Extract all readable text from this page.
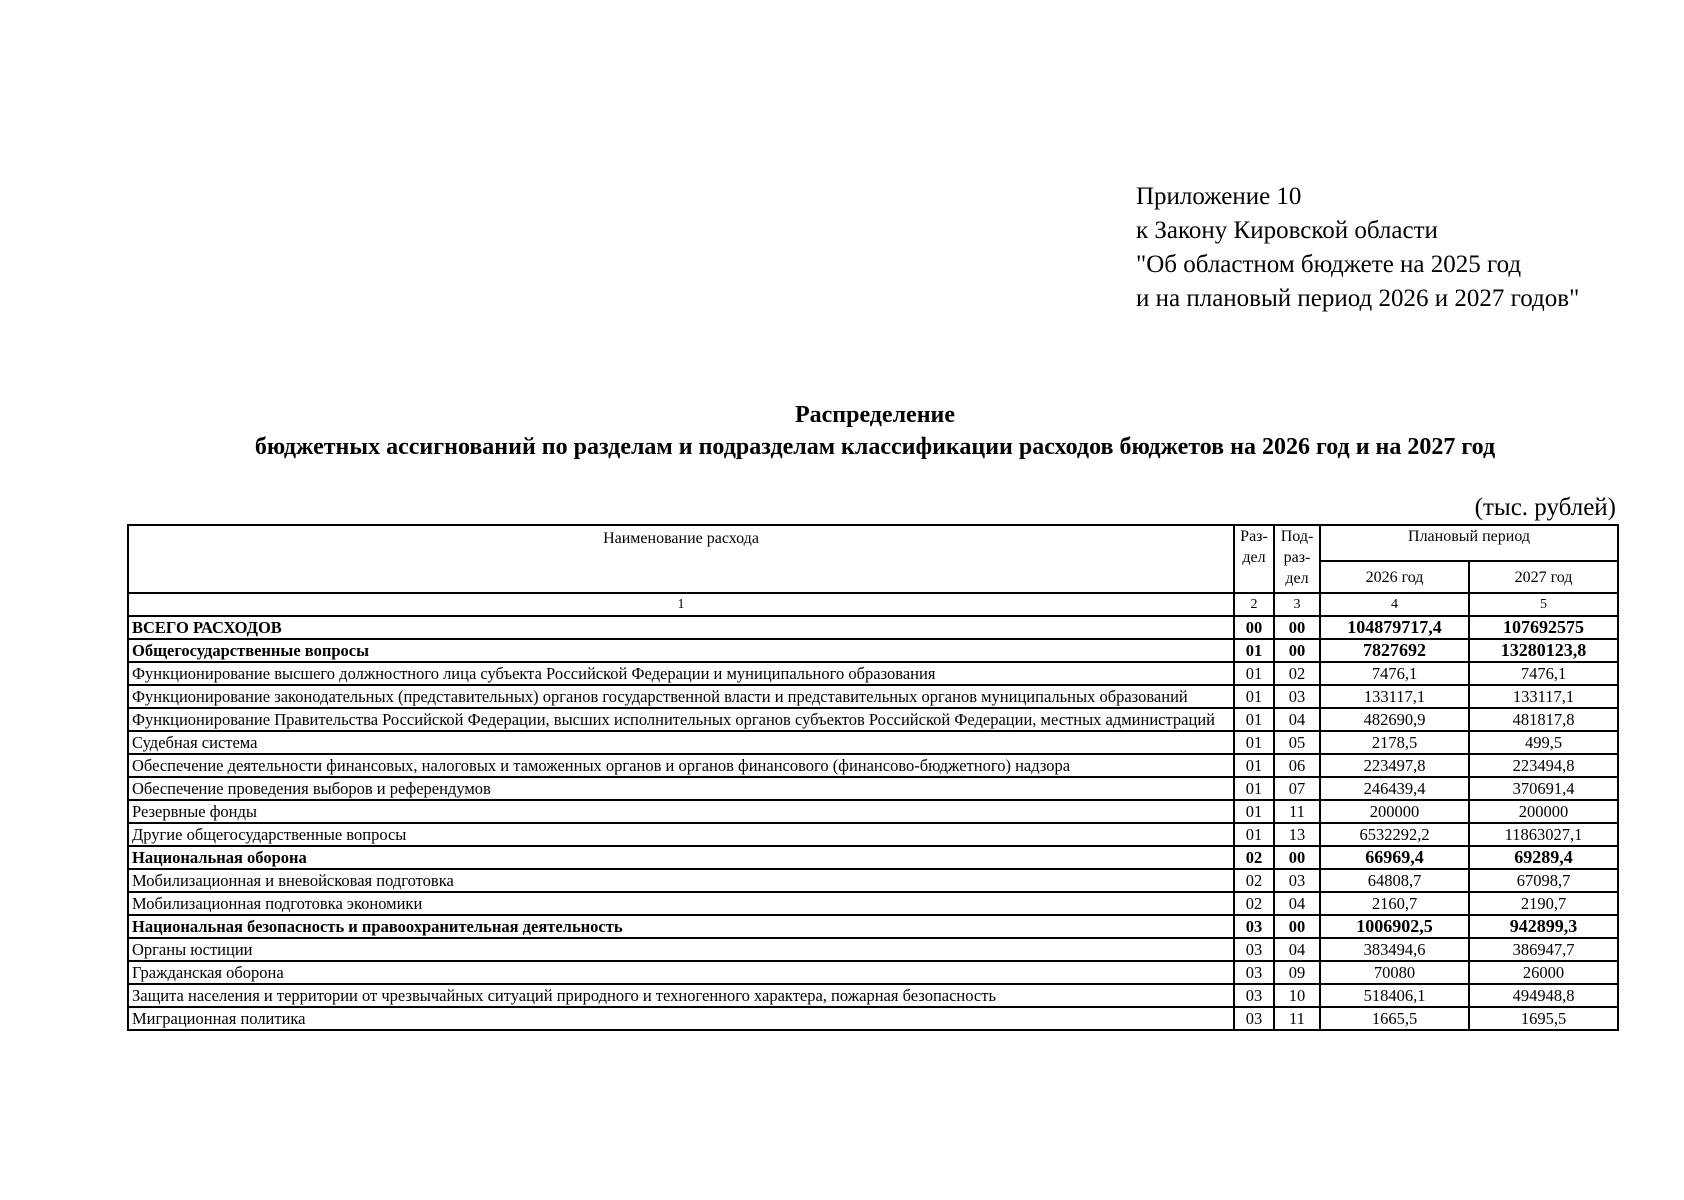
Приложение 10
к Закону Кировской области
"Об областном бюджете на 2025 год
и на плановый период 2026 и 2027 годов"
Распределение
бюджетных ассигнований по разделам и подразделам классификации расходов бюджетов на 2026 год и на 2027 год
(тыс. рублей)
Наименование расхода	Раз-дел	Под-раз-дел	Плановый период	
			2026 год	2027 год
1	2	3	4	5
ВСЕГО РАСХОДОВ	00	00	104879717,4	107692575
Общегосударственные вопросы	01	00	7827692	13280123,8
Функционирование высшего должностного лица субъекта Российской Федерации и муниципального образования	01	02	7476,1	7476,1
Функционирование законодательных (представительных) органов государственной власти и представительных органов муниципальных образований	01	03	133117,1	133117,1
Функционирование Правительства Российской Федерации, высших исполнительных органов субъектов Российской Федерации, местных администраций	01	04	482690,9	481817,8
Судебная система	01	05	2178,5	499,5
Обеспечение деятельности финансовых, налоговых и таможенных органов и органов финансового (финансово-бюджетного) надзора	01	06	223497,8	223494,8
Обеспечение проведения выборов и референдумов	01	07	246439,4	370691,4
Резервные фонды	01	11	200000	200000
Другие общегосударственные вопросы	01	13	6532292,2	11863027,1
Национальная оборона	02	00	66969,4	69289,4
Мобилизационная и вневойсковая подготовка	02	03	64808,7	67098,7
Мобилизационная подготовка экономики	02	04	2160,7	2190,7
Национальная безопасность и правоохранительная деятельность	03	00	1006902,5	942899,3
Органы юстиции	03	04	383494,6	386947,7
Гражданская оборона	03	09	70080	26000
Защита населения и территории от чрезвычайных ситуаций природного и техногенного характера, пожарная безопасность	03	10	518406,1	494948,8
Миграционная политика	03	11	1665,5	1695,5
